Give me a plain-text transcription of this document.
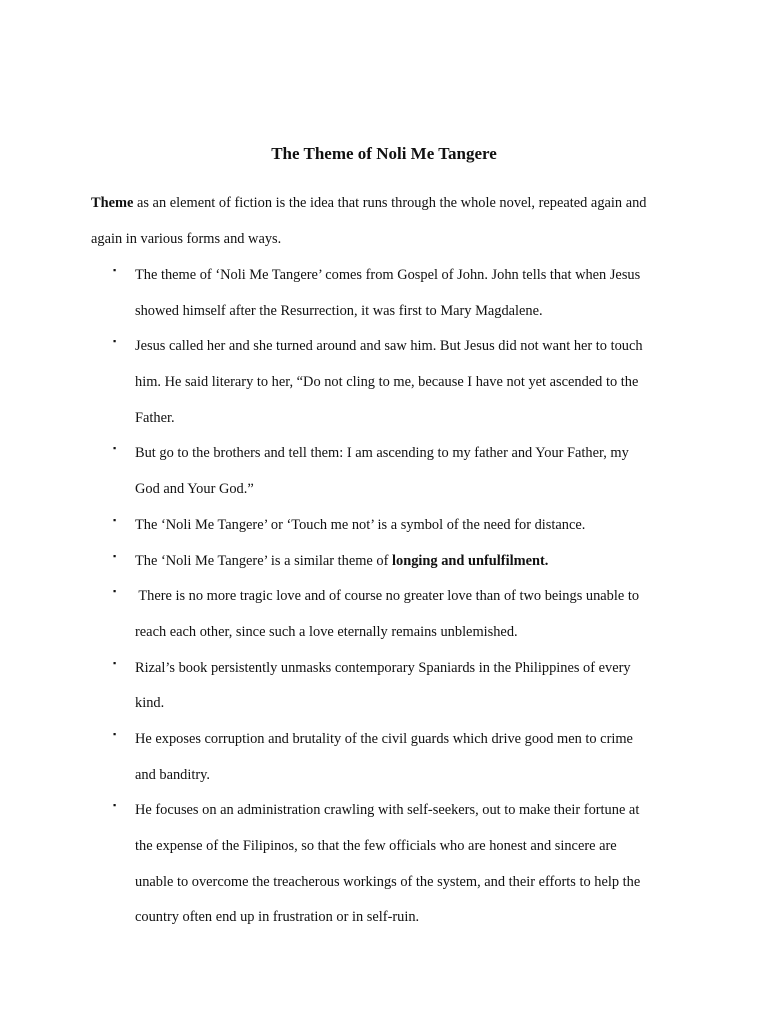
The Theme of Noli Me Tangere
Theme as an element of fiction is the idea that runs through the whole novel, repeated again and
again in various forms and ways.
▪ The theme of ‘Noli Me Tangere’ comes from Gospel of John. John tells that when Jesus
showed himself after the Resurrection, it was first to Mary Magdalene.
▪ Jesus called her and she turned around and saw him. But Jesus did not want her to touch
him. He said literary to her, “Do not cling to me, because I have not yet ascended to the
Father.
▪ But go to the brothers and tell them: I am ascending to my father and Your Father, my
God and Your God.”
▪ The ‘Noli Me Tangere’ or ‘Touch me not’ is a symbol of the need for distance.
▪ The ‘Noli Me Tangere’ is a similar theme of longing and unfulfilment.
▪ There is no more tragic love and of course no greater love than of two beings unable to
reach each other, since such a love eternally remains unblemished.
▪ Rizal’s book persistently unmasks contemporary Spaniards in the Philippines of every
kind.
▪ He exposes corruption and brutality of the civil guards which drive good men to crime
and banditry.
▪ He focuses on an administration crawling with self-seekers, out to make their fortune at
the expense of the Filipinos, so that the few officials who are honest and sincere are
unable to overcome the treacherous workings of the system, and their efforts to help the
country often end up in frustration or in self-ruin.
